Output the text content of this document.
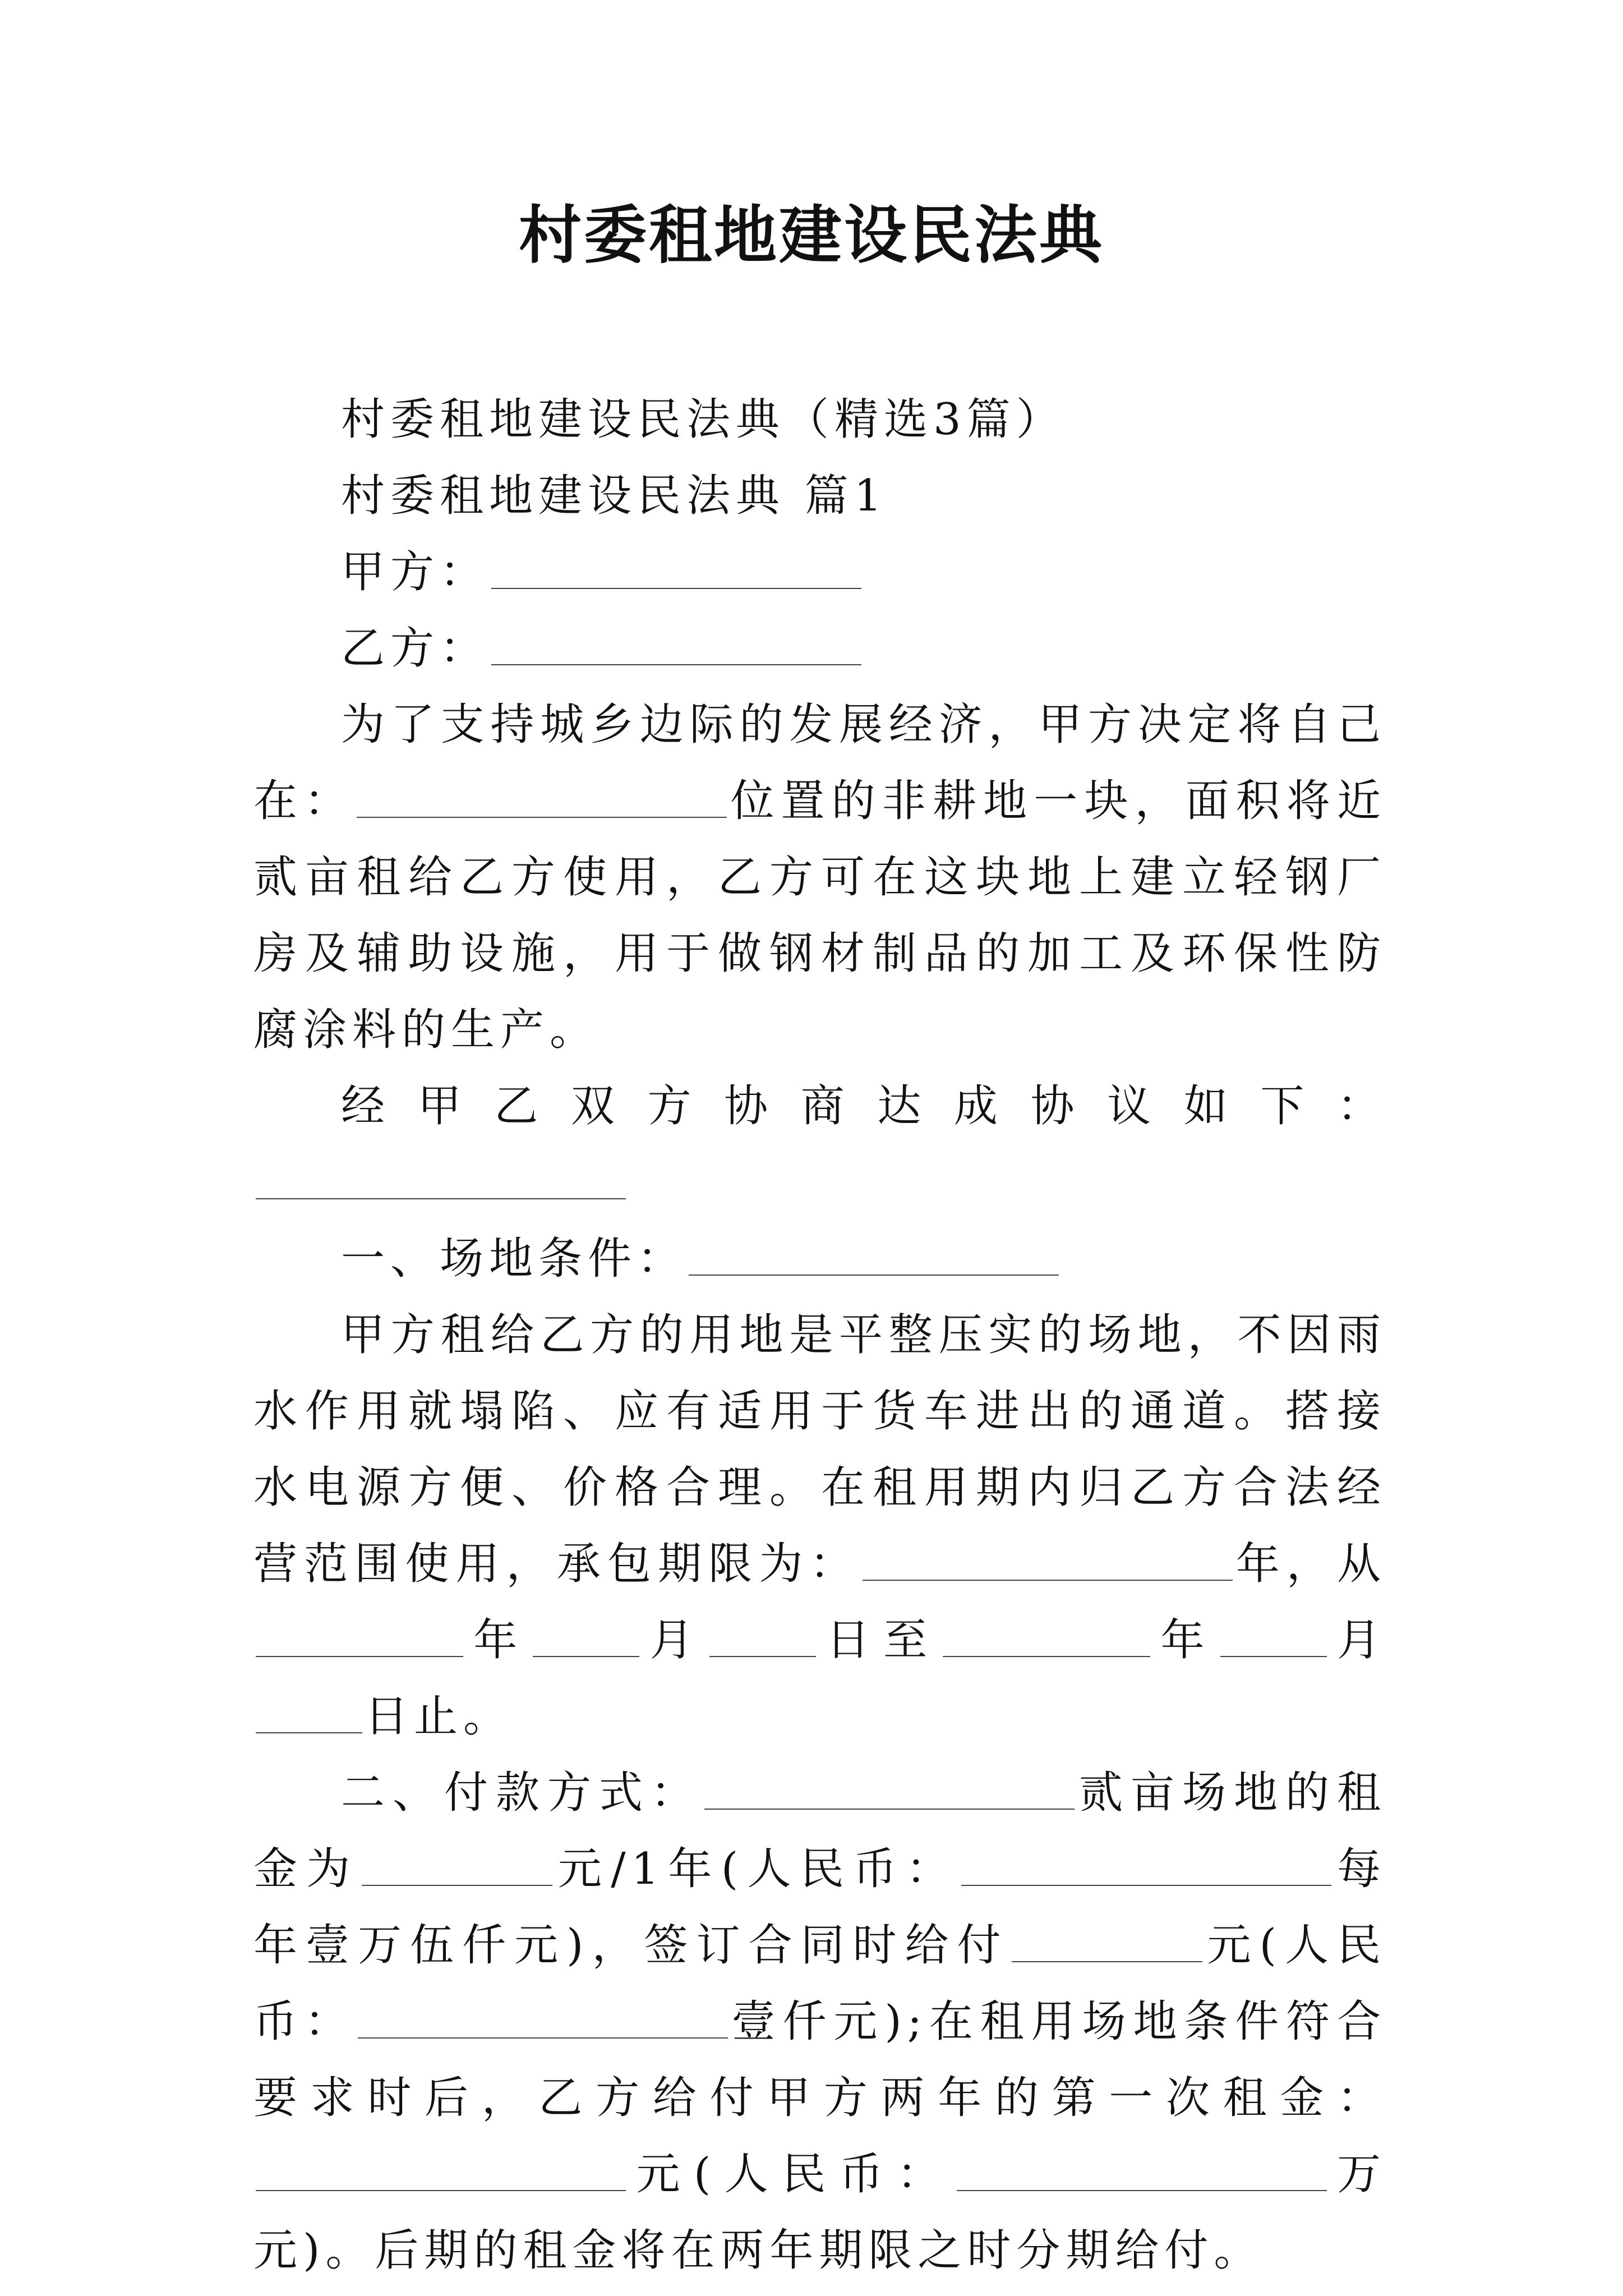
村委租地建设民法典

村委租地建设民法典（精选3篇）

村委租地建设民法典 篇1

甲方：

乙方：

为了支持城乡边际的发展经济，甲方决定将自己在：	位置的非耕地一块，面积将近贰亩租给乙方使用，乙方可在这块地上建立轻钢厂房及辅助设施，用于做钢材制品的加工及环保性防腐涂料的生产。

经甲乙双方协商达成协议如下：

一、场地条件：

甲方租给乙方的用地是平整压实的场地，不因雨水作用就塌陷、应有适用于货车进出的通道。搭接水电源方便、价格合理。在租用期内归乙方合法经营范围使用，承包期限为：	年，从年	月	日至	年	月日止。

二、付款方式：	贰亩场地的租金为	元/1年(人民币：	每年壹万伍仟元)，签订合同时给付	元(人民币：	壹仟元);在租用场地条件符合要求时后，乙方给付甲方两年的第一次租金：元(人民币：	万元)。后期的租金将在两年期限之时分期给付。
